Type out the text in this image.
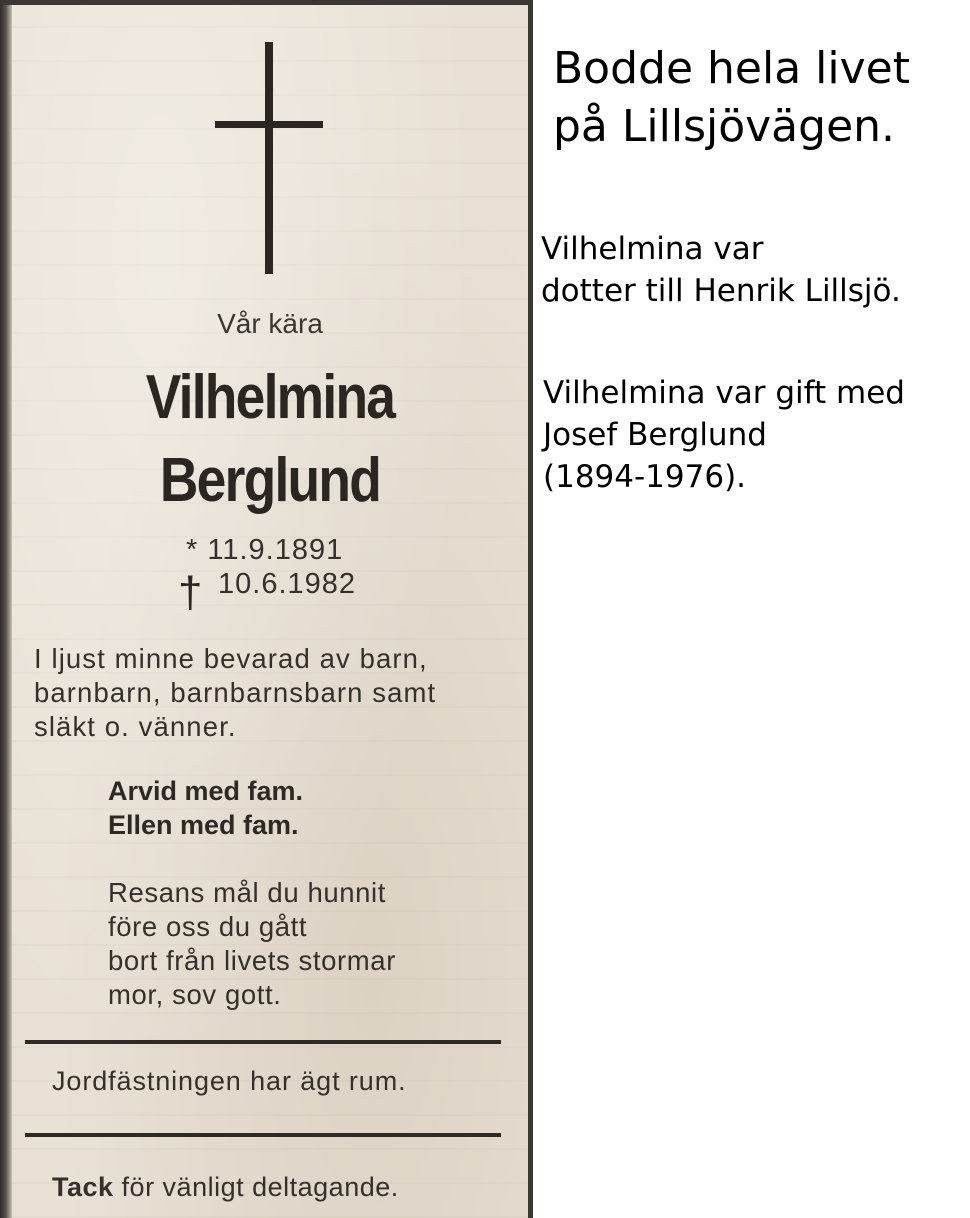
Vår kära
Vilhelmina
Berglund
* 11.9.1891
† 10.6.1982
I ljust minne bevarad av barn,
barnbarn, barnbarnsbarn samt
släkt o. vänner.
Arvid med fam.
Ellen med fam.
Resans mål du hunnit
före oss du gått
bort från livets stormar
mor, sov gott.
Jordfästningen har ägt rum.
Tack för vänligt deltagande.
Bodde hela livet
på Lillsjövägen.
Vilhelmina var
dotter till Henrik Lillsjö.
Vilhelmina var gift med
Josef Berglund
(1894-1976).
